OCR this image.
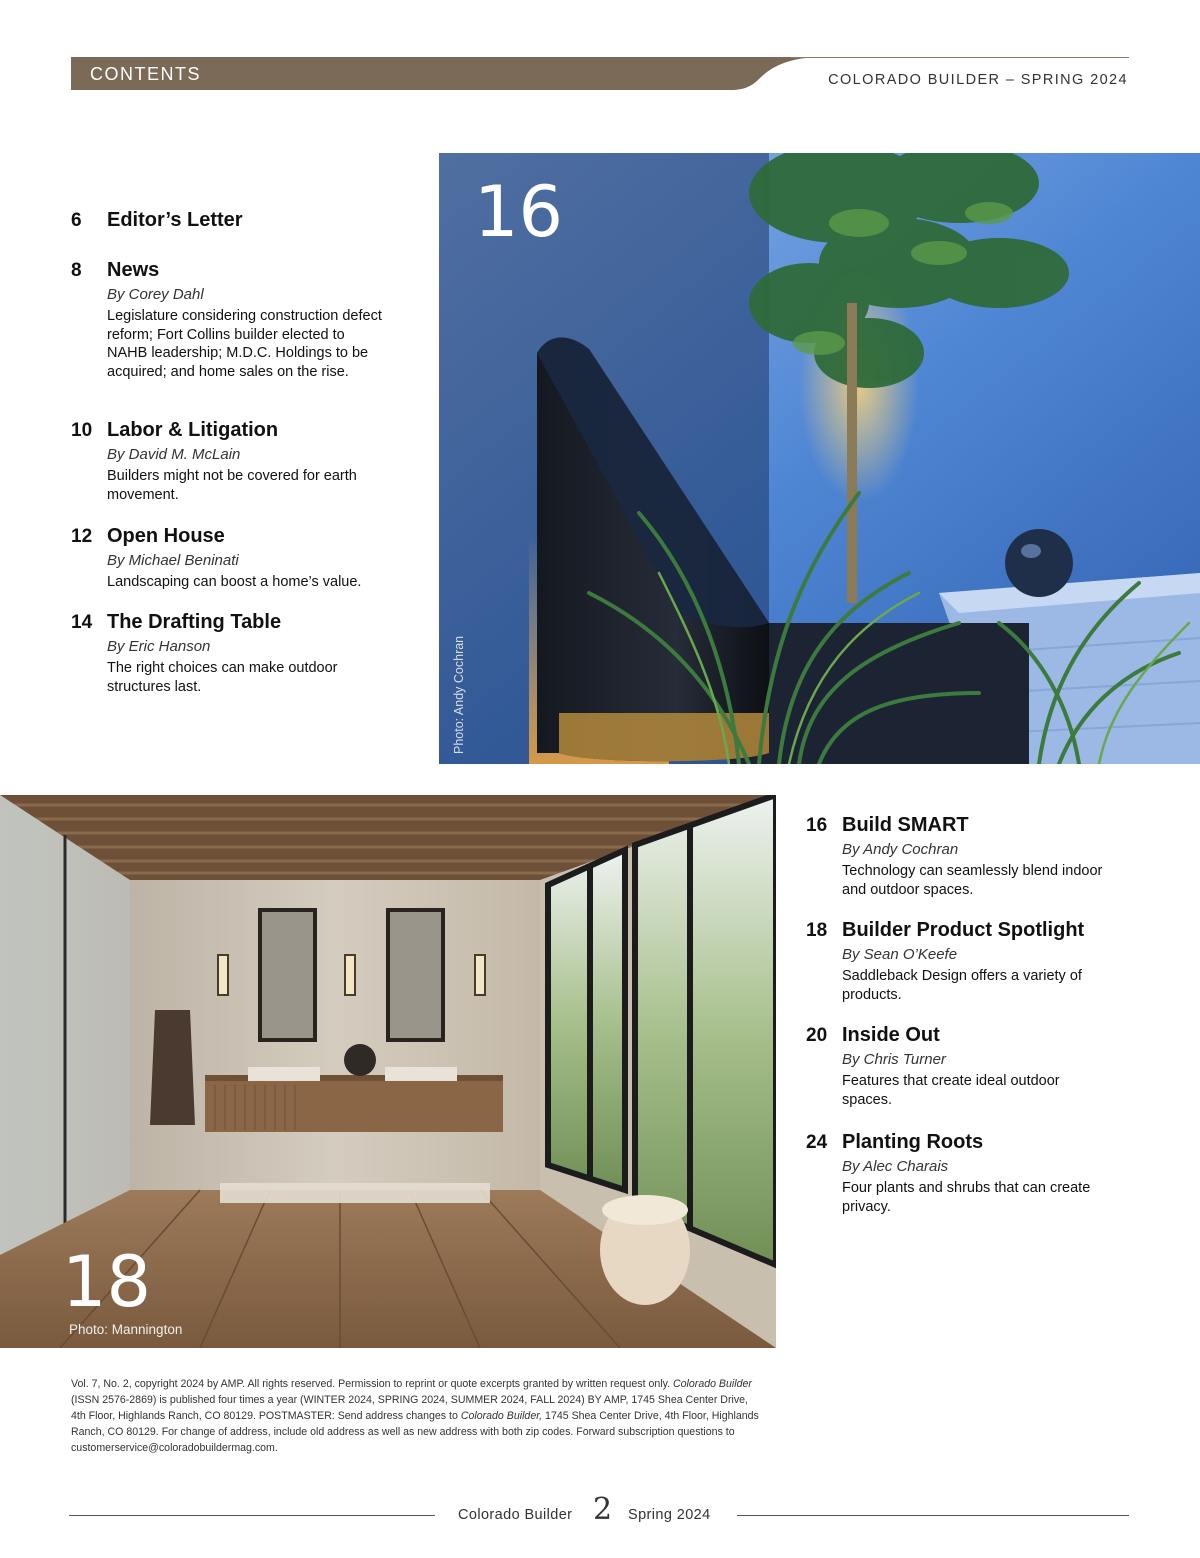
CONTENTS	COLORADO BUILDER – SPRING 2024
6 Editor’s Letter
8 News
By Corey Dahl
Legislature considering construction defect reform; Fort Collins builder elected to NAHB leadership; M.D.C. Holdings to be acquired; and home sales on the rise.
10 Labor & Litigation
By David M. McLain
Builders might not be covered for earth movement.
12 Open House
By Michael Beninati
Landscaping can boost a home’s value.
14 The Drafting Table
By Eric Hanson
The right choices can make outdoor structures last.
16
Photo: Andy Cochran
18
Photo: Mannington
16 Build SMART
By Andy Cochran
Technology can seamlessly blend indoor and outdoor spaces.
18 Builder Product Spotlight
By Sean O’Keefe
Saddleback Design offers a variety of products.
20 Inside Out
By Chris Turner
Features that create ideal outdoor spaces.
24 Planting Roots
By Alec Charais
Four plants and shrubs that can create privacy.
Vol. 7, No. 2, copyright 2024 by AMP. All rights reserved. Permission to reprint or quote excerpts granted by written request only. Colorado Builder (ISSN 2576-2869) is published four times a year (WINTER 2024, SPRING 2024, SUMMER 2024, FALL 2024) BY AMP, 1745 Shea Center Drive, 4th Floor, Highlands Ranch, CO 80129. POSTMASTER: Send address changes to Colorado Builder, 1745 Shea Center Drive, 4th Floor, Highlands Ranch, CO 80129. For change of address, include old address as well as new address with both zip codes. Forward subscription questions to customerservice@coloradobuildermag.com.
Colorado Builder 2 Spring 2024
